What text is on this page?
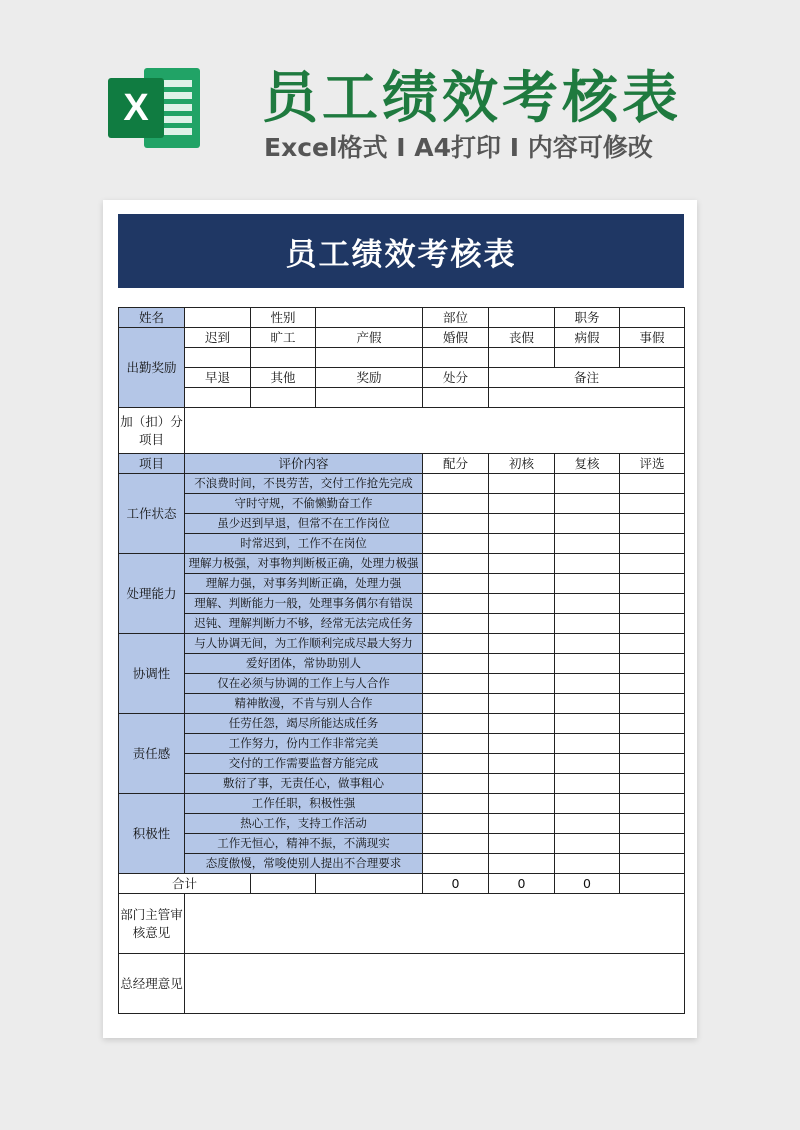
X 员工绩效考核表
Excel格式 I A4打印 I 内容可修改
员工绩效考核表
姓名		性别		部位		职务	
出勤奖励	迟到	旷工	产假	婚假	丧假	病假	事假

	早退	其他	奖励	处分	备注		

加（扣）分项目							
项目	评价内容			配分	初核	复核	评选
工作状态	不浪费时间，不畏劳苦，交付工作抢先完成						
	守时守规，不偷懒勤奋工作						
	虽少迟到早退，但常不在工作岗位						
	时常迟到，工作不在岗位						
处理能力	理解力极强，对事物判断极正确，处理力极强						
	理解力强，对事务判断正确，处理力强						
	理解、判断能力一般，处理事务偶尔有错误						
	迟钝、理解判断力不够，经常无法完成任务						
协调性	与人协调无间，为工作顺利完成尽最大努力						
	爱好团体，常协助别人						
	仅在必须与协调的工作上与人合作						
	精神散漫，不肯与别人合作						
责任感	任劳任怨，竭尽所能达成任务						
	工作努力，份内工作非常完美						
	交付的工作需要监督方能完成						
	敷衍了事，无责任心，做事粗心						
积极性	工作任职，积极性强						
	热心工作，支持工作活动						
	工作无恒心，精神不振，不满现实						
	态度傲慢，常唆使别人提出不合理要求						
合计				0	0	0	
部门主管审核意见							
总经理意见							
